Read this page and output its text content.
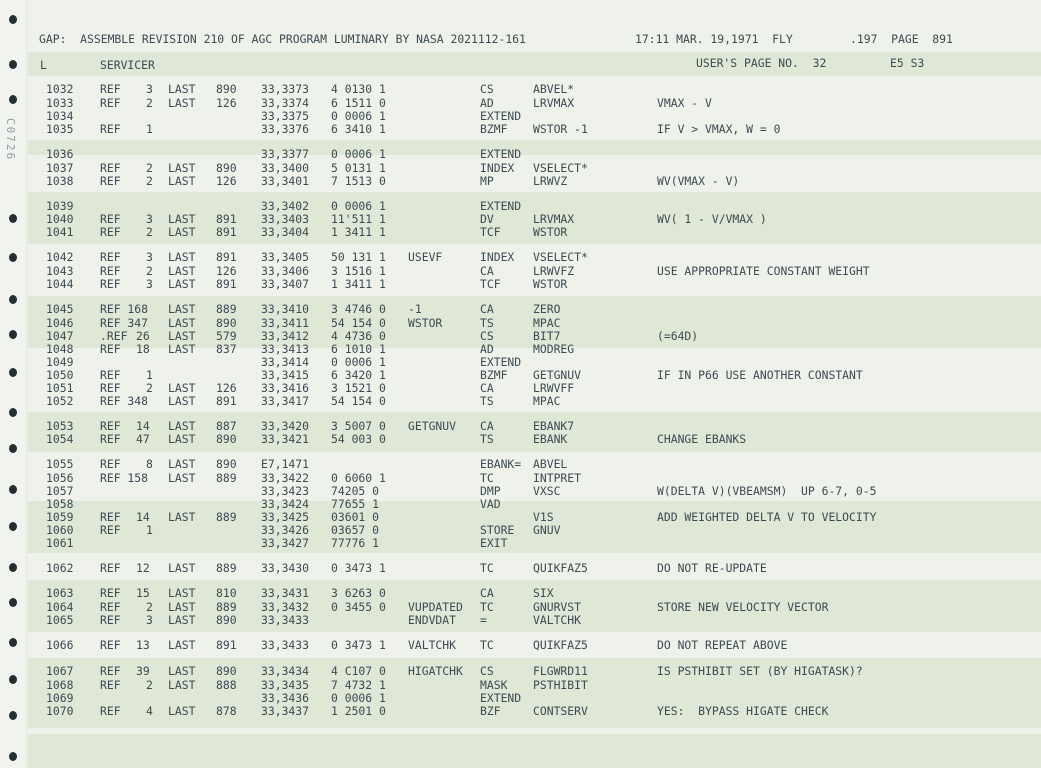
C0726
GAP:  ASSEMBLE REVISION 210 OF AGC PROGRAM LUMINARY BY NASA 2021112-161	17:11 MAR. 19,1971  FLY	.197  PAGE  891
L	SERVICER	USER'S PAGE NO.  32	E5 S3
1032 REF 3 LAST 890 33,3373 4 0130 1	CS	ABVEL*
1033 REF 2 LAST 126 33,3374 6 1511 0	AD	LRVMAX	VMAX - V
1034	33,3375 0 0006 1	EXTEND
1035 REF 1	33,3376 6 3410 1	BZMF WSTOR -1	IF V > VMAX, W = 0
1036	33,3377 0 0006 1	EXTEND
1037 REF 2 LAST 890 33,3400 5 0131 1	INDEX VSELECT*
1038 REF 2 LAST 126 33,3401 7 1513 0	MP	LRWVZ	WV(VMAX - V)
1039	33,3402 0 0006 1	EXTEND
1040 REF 3 LAST 891 33,3403 11'511 1	DV	LRVMAX	WV( 1 - V/VMAX )
1041 REF 2 LAST 891 33,3404 1 3411 1	TCF	WSTOR
1042 REF 3 LAST 891 33,3405 50 131 1 USEVF	INDEX VSELECT*
1043 REF 2 LAST 126 33,3406 3 1516 1	CA	LRWVFZ	USE APPROPRIATE CONSTANT WEIGHT
1044 REF 3 LAST 891 33,3407 1 3411 1	TCF	WSTOR
1045 REF 168 LAST 889 33,3410 3 4746 0 -1	CA	ZERO
1046 REF 347 LAST 890 33,3411 54 154 0 WSTOR	TS	MPAC
1047 .REF 26 LAST 579 33,3412 4 4736 0	CS	BIT7	(=64D)
1048 REF 18 LAST 837 33,3413 6 1010 1	AD	MODREG
1049	33,3414 0 0006 1	EXTEND
1050 REF 1	33,3415 6 3420 1	BZMF GETGNUV	IF IN P66 USE ANOTHER CONSTANT
1051 REF 2 LAST 126 33,3416 3 1521 0	CA	LRWVFF
1052 REF 348 LAST 891 33,3417 54 154 0	TS	MPAC
1053 REF 14 LAST 887 33,3420 3 5007 0 GETGNUV CA	EBANK7
1054 REF 47 LAST 890 33,3421 54 003 0	TS	EBANK	CHANGE EBANKS
1055 REF 8 LAST 890 E7,1471	EBANK= ABVEL
1056 REF 158 LAST 889 33,3422 0 6060 1	TC	INTPRET
1057	33,3423 74205 0	DMP	VXSC	W(DELTA V)(VBEAMSM)  UP 6-7, 0-5
1058	33,3424 77655 1	VAD
1059 REF 14 LAST 889 33,3425 03601 0	V1S	ADD WEIGHTED DELTA V TO VELOCITY
1060 REF 1	33,3426 03657 0	STORE GNUV
1061	33,3427 77776 1	EXIT
1062 REF 12 LAST 889 33,3430 0 3473 1	TC	QUIKFAZ5	DO NOT RE-UPDATE
1063 REF 15 LAST 810 33,3431 3 6263 0	CA	SIX
1064 REF 2 LAST 889 33,3432 0 3455 0 VUPDATED TC	GNURVST	STORE NEW VELOCITY VECTOR
1065 REF 3 LAST 890 33,3433	ENDVDAT =	VALTCHK
1066 REF 13 LAST 891 33,3433 0 3473 1 VALTCHK TC	QUIKFAZ5	DO NOT REPEAT ABOVE
1067 REF 39 LAST 890 33,3434 4 C107 0 HIGATCHK CS	FLGWRD11	IS PSTHIBIT SET (BY HIGATASK)?
1068 REF 2 LAST 888 33,3435 7 4732 1	MASK PSTHIBIT
1069	33,3436 0 0006 1	EXTEND
1070 REF 4 LAST 878 33,3437 1 2501 0	BZF	CONTSERV	YES:  BYPASS HIGATE CHECK
